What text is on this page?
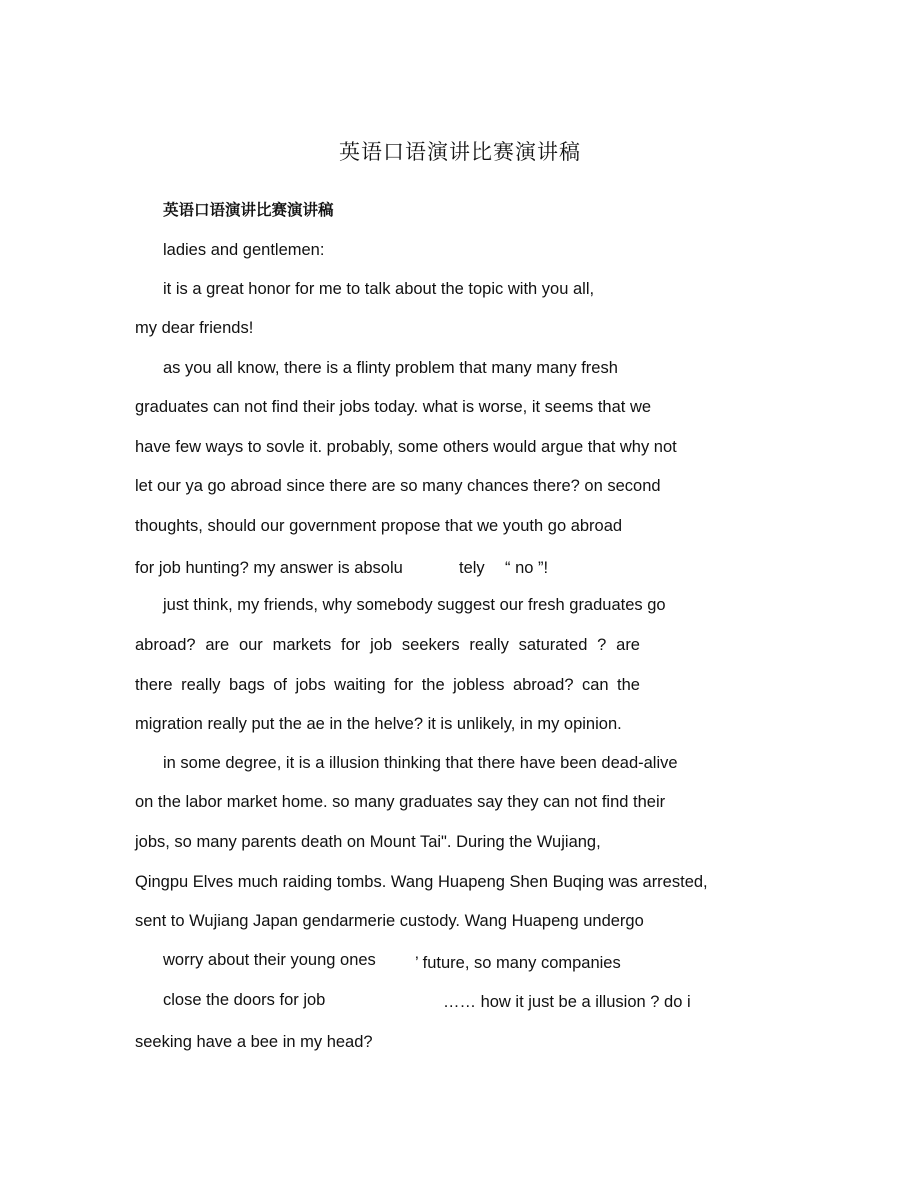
英语口语演讲比赛演讲稿
英语口语演讲比赛演讲稿
ladies and gentlemen:
it is a great honor for me to talk about the topic with you all,
my dear friends!
as you all know, there is a flinty problem that many many fresh
graduates can not find their jobs today. what is worse, it seems that we
have few ways to sovle it. probably, some others would argue that why not
let our ya go abroad since there are so many chances there? on second
thoughts, should our government propose that we youth go abroad
for job hunting? my answer is absolu	tely “ no ”!
just think, my friends, why somebody suggest our fresh graduates go
abroad? are our markets for job seekers really saturated ? are
there really bags of jobs waiting for the jobless abroad? can the
migration really put the ae in the helve? it is unlikely, in my opinion.
in some degree, it is a illusion thinking that there have been dead-alive
on the labor market home. so many graduates say they can not find their
jobs, so many parents death on Mount Tai". During the Wujiang,
Qingpu Elves much raiding tombs. Wang Huapeng Shen Buqing was arrested,
sent to Wujiang Japan gendarmerie custody. Wang Huapeng undergo
worry about their young ones ’ future, so many companies
close the doors for job	…… how it just be a illusion ? do i
seeking have a bee in my head?
